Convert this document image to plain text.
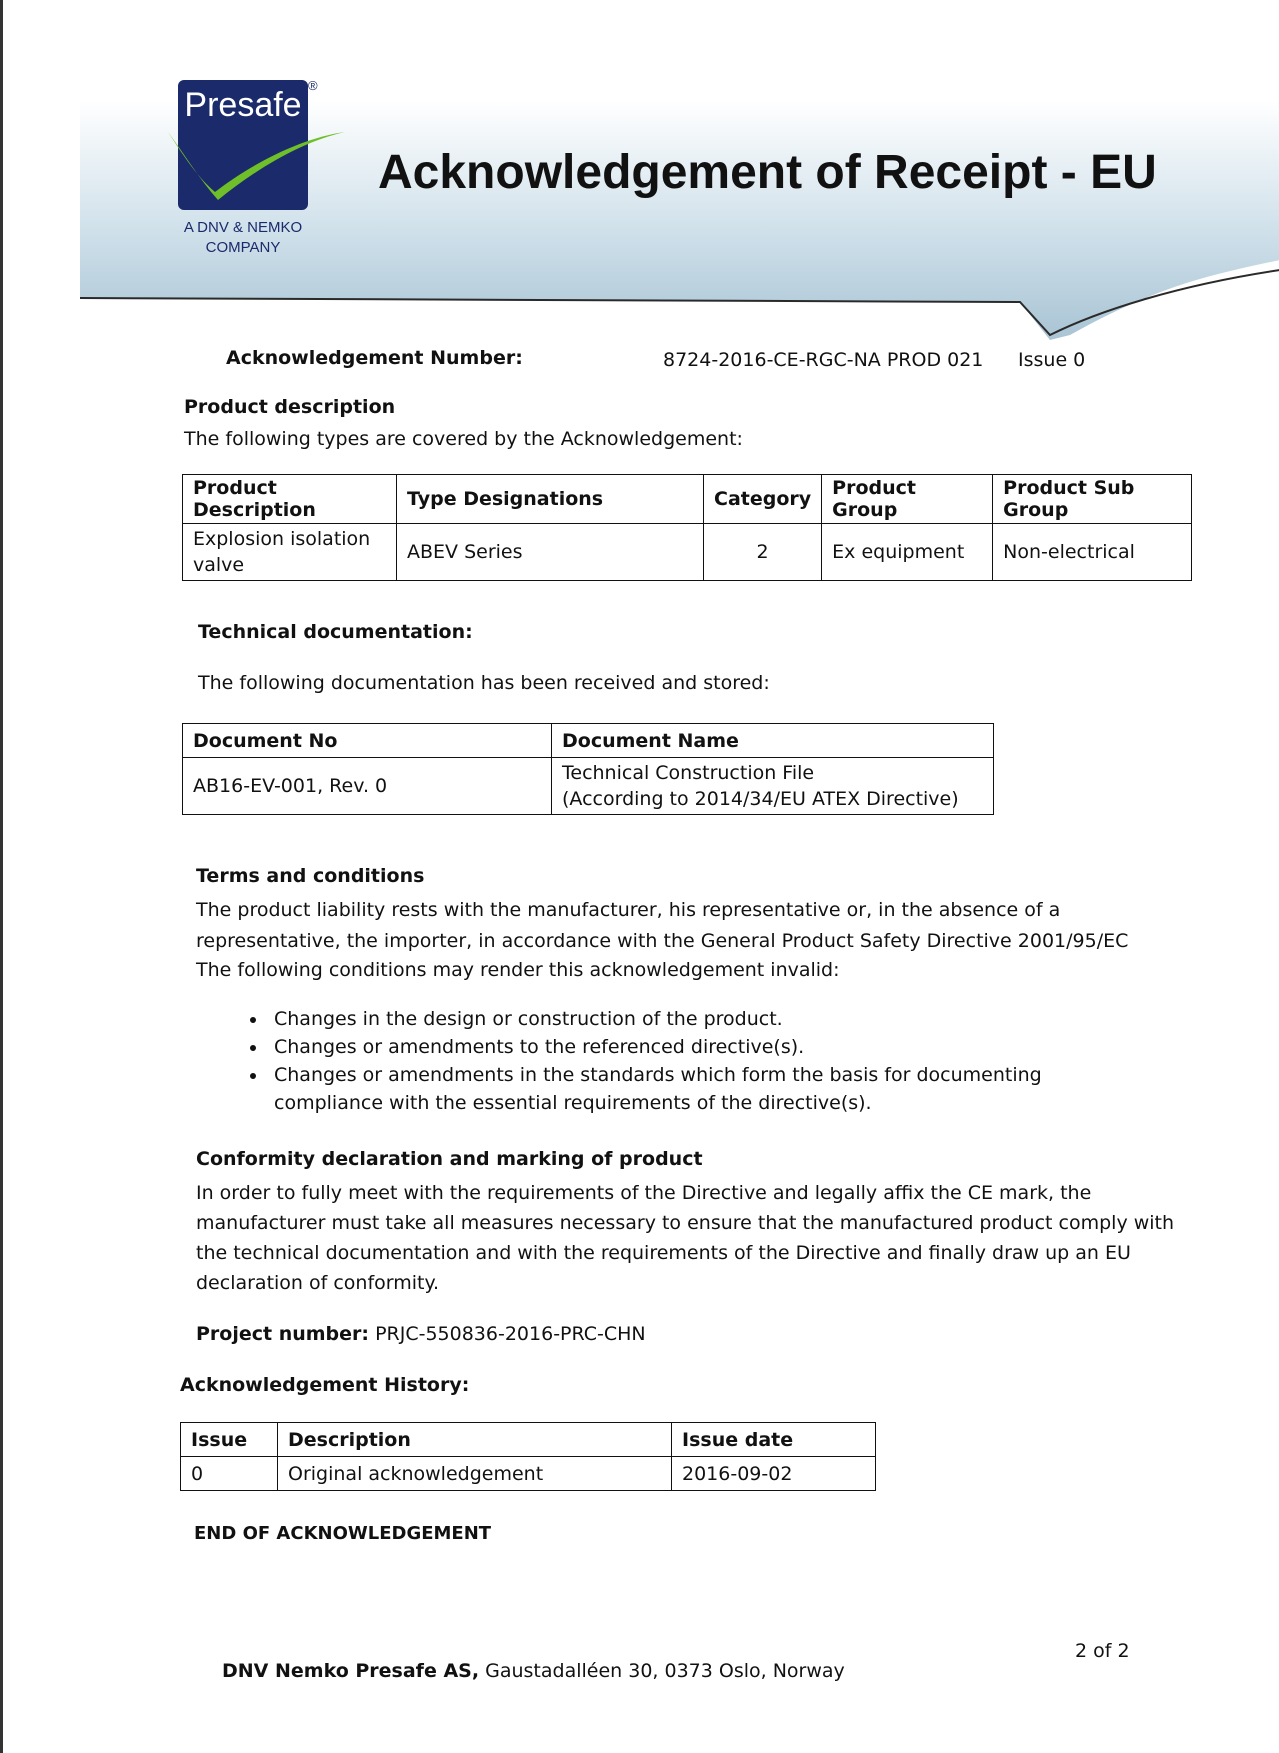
Presafe
®
A DNV & NEMKO
COMPANY
Acknowledgement of Receipt - EU
Acknowledgement Number:	8724-2016-CE-RGC-NA PROD 021 Issue 0
Product description
The following types are covered by the Acknowledgement:
Product Description	Type Designations	Category	Product Group	Product Sub Group
Explosion isolation valve	ABEV Series	2	Ex equipment	Non-electrical
Technical documentation:
The following documentation has been received and stored:
Document No	Document Name
AB16-EV-001, Rev. 0	Technical Construction File
(According to 2014/34/EU ATEX Directive)
Terms and conditions
The product liability rests with the manufacturer, his representative or, in the absence of a
representative, the importer, in accordance with the General Product Safety Directive 2001/95/EC
The following conditions may render this acknowledgement invalid:
• Changes in the design or construction of the product.
• Changes or amendments to the referenced directive(s).
• Changes or amendments in the standards which form the basis for documenting compliance with the essential requirements of the directive(s).
Conformity declaration and marking of product
In order to fully meet with the requirements of the Directive and legally affix the CE mark, the
manufacturer must take all measures necessary to ensure that the manufactured product comply with
the technical documentation and with the requirements of the Directive and finally draw up an EU
declaration of conformity.
Project number: PRJC-550836-2016-PRC-CHN
Acknowledgement History:
Issue	Description	Issue date
0	Original acknowledgement	2016-09-02
END OF ACKNOWLEDGEMENT
2 of 2
DNV Nemko Presafe AS, Gaustadalléen 30, 0373 Oslo, Norway
